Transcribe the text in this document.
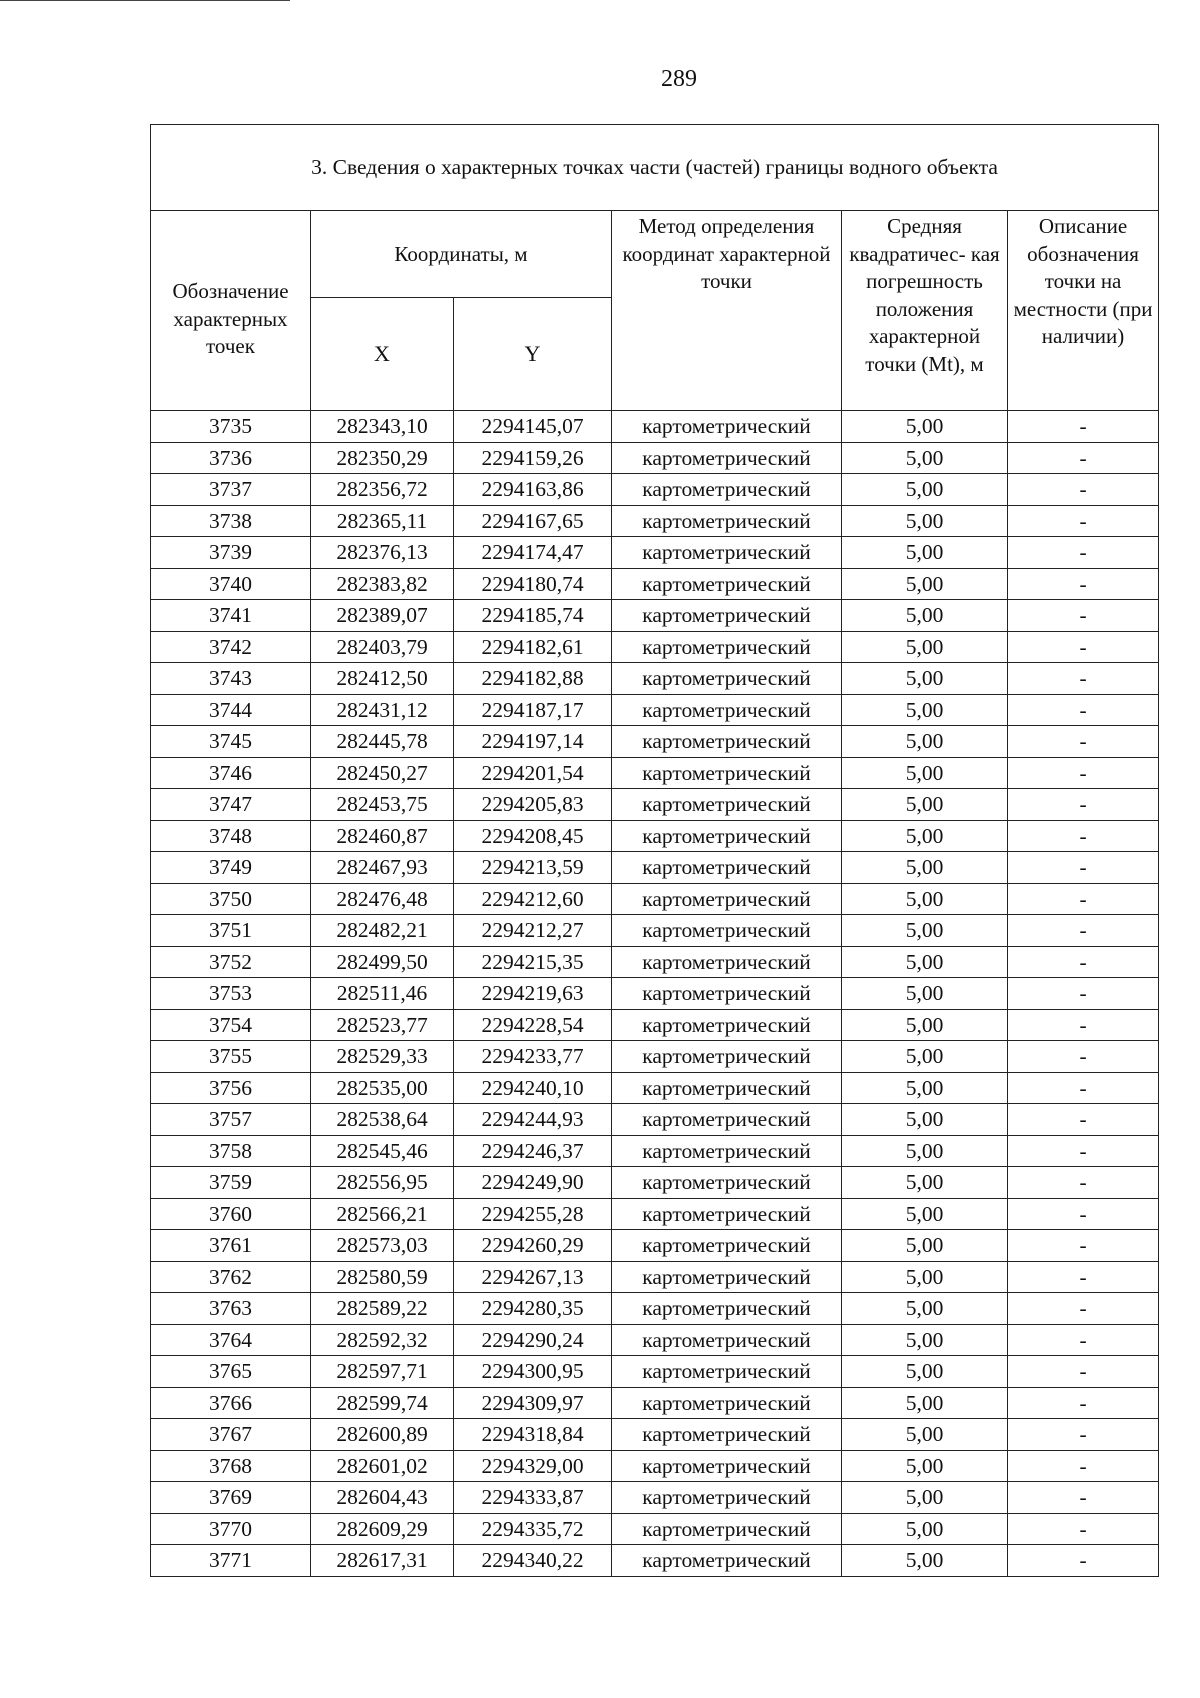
289
3. Сведения о характерных точках части (частей) границы водного объекта					
Обозначение характерных точек	Координаты, м		Метод определения координат характерной точки	Средняя квадратичес- кая погрешность положения характерной точки (Mt), м	Описание обозначения точки на местности (при наличии)
	X	Y			
3735	282343,10	2294145,07	картометрический	5,00	-
3736	282350,29	2294159,26	картометрический	5,00	-
3737	282356,72	2294163,86	картометрический	5,00	-
3738	282365,11	2294167,65	картометрический	5,00	-
3739	282376,13	2294174,47	картометрический	5,00	-
3740	282383,82	2294180,74	картометрический	5,00	-
3741	282389,07	2294185,74	картометрический	5,00	-
3742	282403,79	2294182,61	картометрический	5,00	-
3743	282412,50	2294182,88	картометрический	5,00	-
3744	282431,12	2294187,17	картометрический	5,00	-
3745	282445,78	2294197,14	картометрический	5,00	-
3746	282450,27	2294201,54	картометрический	5,00	-
3747	282453,75	2294205,83	картометрический	5,00	-
3748	282460,87	2294208,45	картометрический	5,00	-
3749	282467,93	2294213,59	картометрический	5,00	-
3750	282476,48	2294212,60	картометрический	5,00	-
3751	282482,21	2294212,27	картометрический	5,00	-
3752	282499,50	2294215,35	картометрический	5,00	-
3753	282511,46	2294219,63	картометрический	5,00	-
3754	282523,77	2294228,54	картометрический	5,00	-
3755	282529,33	2294233,77	картометрический	5,00	-
3756	282535,00	2294240,10	картометрический	5,00	-
3757	282538,64	2294244,93	картометрический	5,00	-
3758	282545,46	2294246,37	картометрический	5,00	-
3759	282556,95	2294249,90	картометрический	5,00	-
3760	282566,21	2294255,28	картометрический	5,00	-
3761	282573,03	2294260,29	картометрический	5,00	-
3762	282580,59	2294267,13	картометрический	5,00	-
3763	282589,22	2294280,35	картометрический	5,00	-
3764	282592,32	2294290,24	картометрический	5,00	-
3765	282597,71	2294300,95	картометрический	5,00	-
3766	282599,74	2294309,97	картометрический	5,00	-
3767	282600,89	2294318,84	картометрический	5,00	-
3768	282601,02	2294329,00	картометрический	5,00	-
3769	282604,43	2294333,87	картометрический	5,00	-
3770	282609,29	2294335,72	картометрический	5,00	-
3771	282617,31	2294340,22	картометрический	5,00	-
